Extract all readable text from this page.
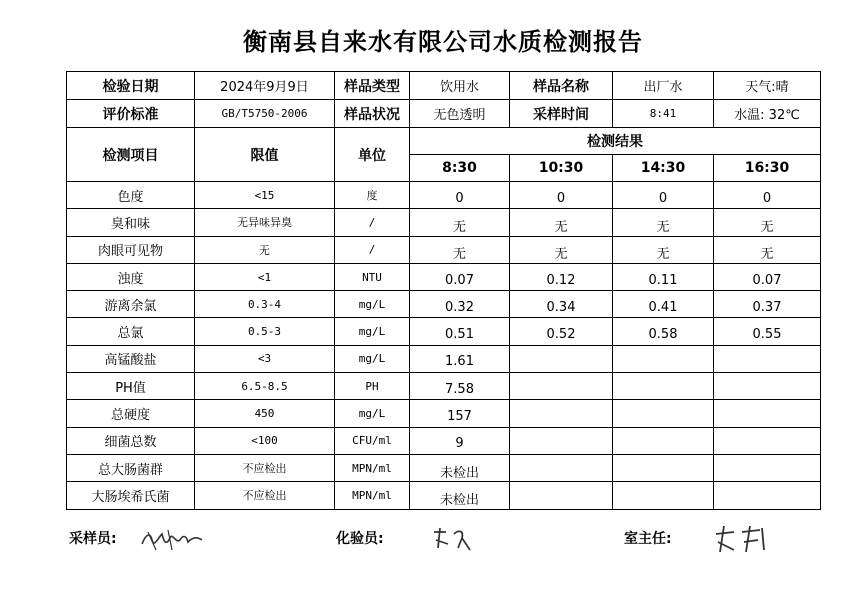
衡南县自来水有限公司水质检测报告
检验日期	2024年9月9日	样品类型	饮用水	样品名称	出厂水	天气:晴
评价标准	GB/T5750-2006	样品状况	无色透明	采样时间	8:41	水温: 32℃
检测项目	限值	单位	检测结果			
			8:30	10:30	14:30	16:30
色度	<15	度	0	0	0	0
臭和味	无异味异臭	/	无	无	无	无
肉眼可见物	无	/	无	无	无	无
浊度	<1	NTU	0.07	0.12	0.11	0.07
游离余氯	0.3-4	mg/L	0.32	0.34	0.41	0.37
总氯	0.5-3	mg/L	0.51	0.52	0.58	0.55
高锰酸盐	<3	mg/L	1.61			
PH值	6.5-8.5	PH	7.58			
总硬度	450	mg/L	157			
细菌总数	<100	CFU/ml	9			
总大肠菌群	不应检出	MPN/ml	未检出			
大肠埃希氏菌	不应检出	MPN/ml	未检出			
采样员:	化验员:	室主任:
